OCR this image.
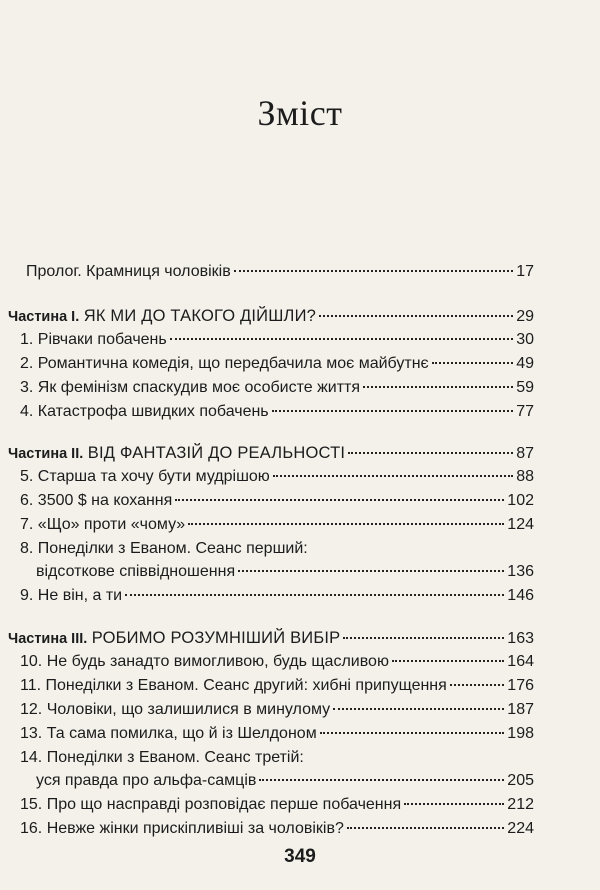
Зміст
Пролог. Крамниця чоловіків	17
Частина I. ЯК МИ ДО ТАКОГО ДІЙШЛИ?	29
1. Рівчаки побачень	30
2. Романтична комедія, що передбачила моє майбутнє	49
3. Як фемінізм спаскудив моє особисте життя	59
4. Катастрофа швидких побачень	77
Частина II. ВІД ФАНТАЗІЙ ДО РЕАЛЬНОСТІ	87
5. Старша та хочу бути мудрішою	88
6. 3500 $ на кохання	102
7. «Що» проти «чому»	124
8. Понеділки з Еваном. Сеанс перший:
відсоткове співвідношення	136
9. Не він, а ти	146
Частина III. РОБИМО РОЗУМНІШИЙ ВИБІР	163
10. Не будь занадто вимогливою, будь щасливою	164
11. Понеділки з Еваном. Сеанс другий: хибні припущення	176
12. Чоловіки, що залишилися в минулому	187
13. Та сама помилка, що й із Шелдоном	198
14. Понеділки з Еваном. Сеанс третій:
уся правда про альфа-самців	205
15. Про що насправді розповідає перше побачення	212
16. Невже жінки прискіпливіші за чоловіків?	224
349
